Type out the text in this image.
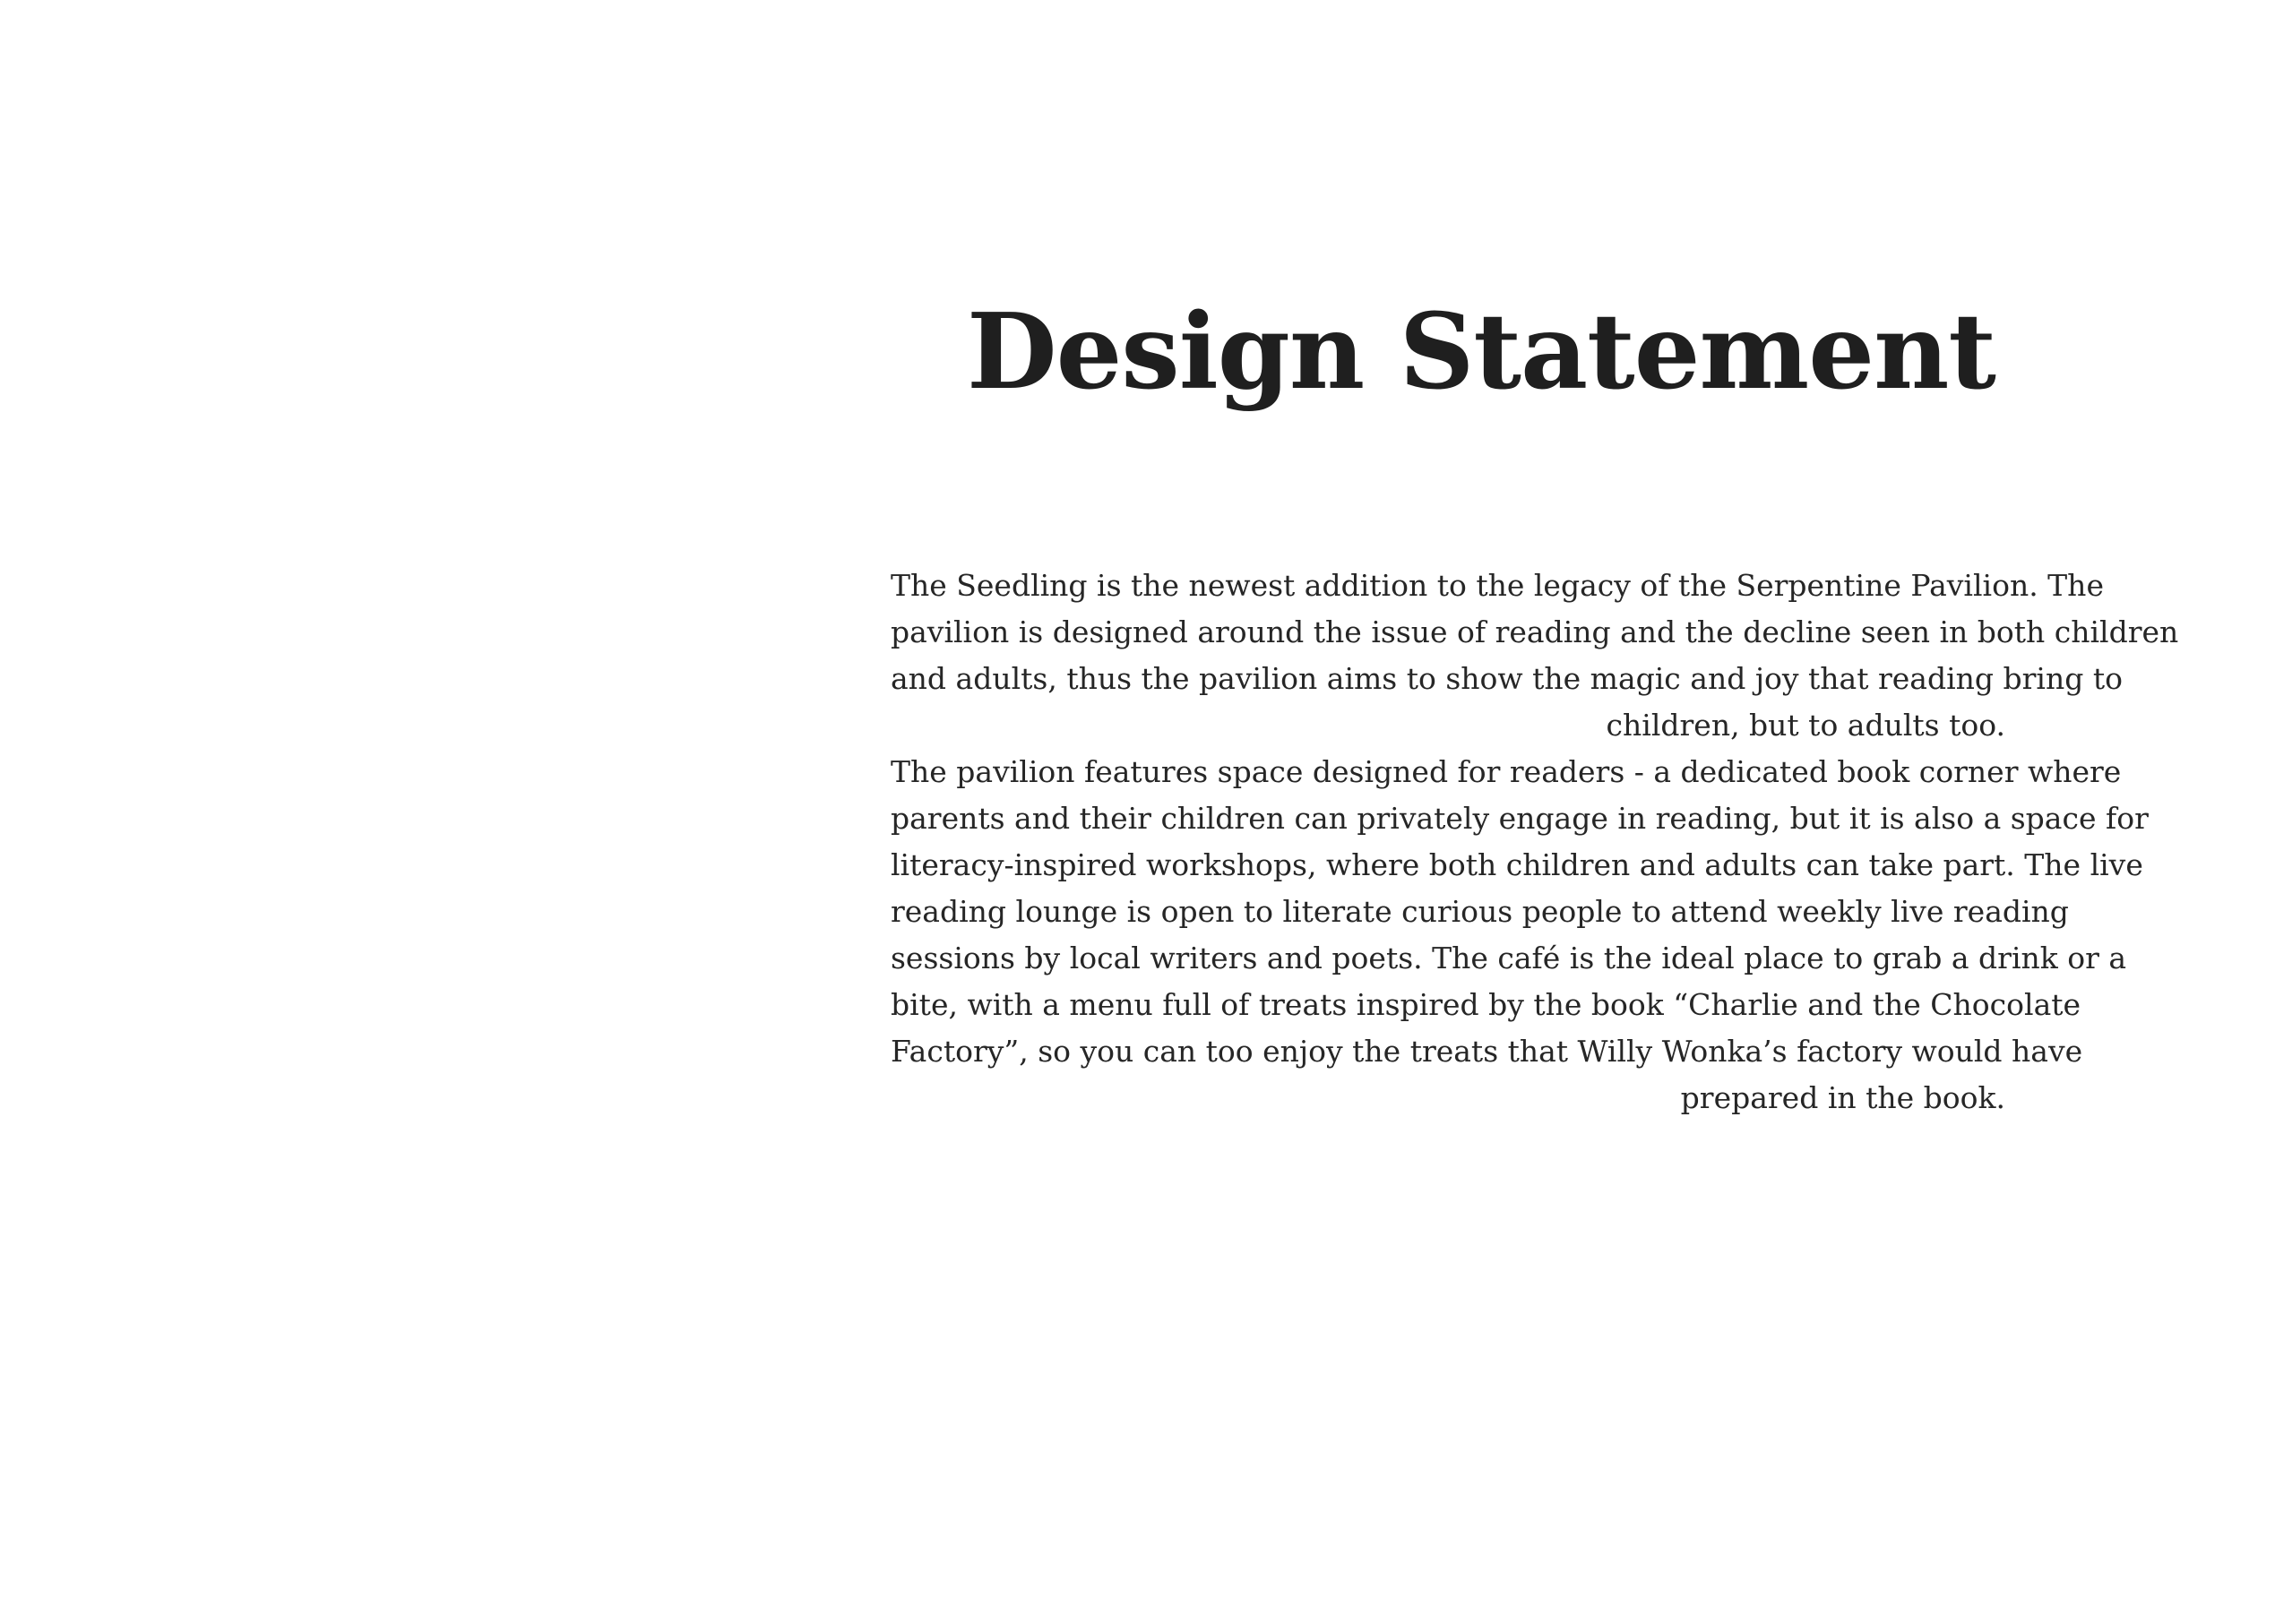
Design Statement
The Seedling is the newest addition to the legacy of the Serpentine Pavilion. The
pavilion is designed around the issue of reading and the decline seen in both children
and adults, thus the pavilion aims to show the magic and joy that reading bring to
children, but to adults too.
The pavilion features space designed for readers - a dedicated book corner where
parents and their children can privately engage in reading, but it is also a space for
literacy-inspired workshops, where both children and adults can take part. The live
reading lounge is open to literate curious people to attend weekly live reading
sessions by local writers and poets. The café is the ideal place to grab a drink or a
bite, with a menu full of treats inspired by the book “Charlie and the Chocolate
Factory”, so you can too enjoy the treats that Willy Wonka’s factory would have
prepared in the book.
